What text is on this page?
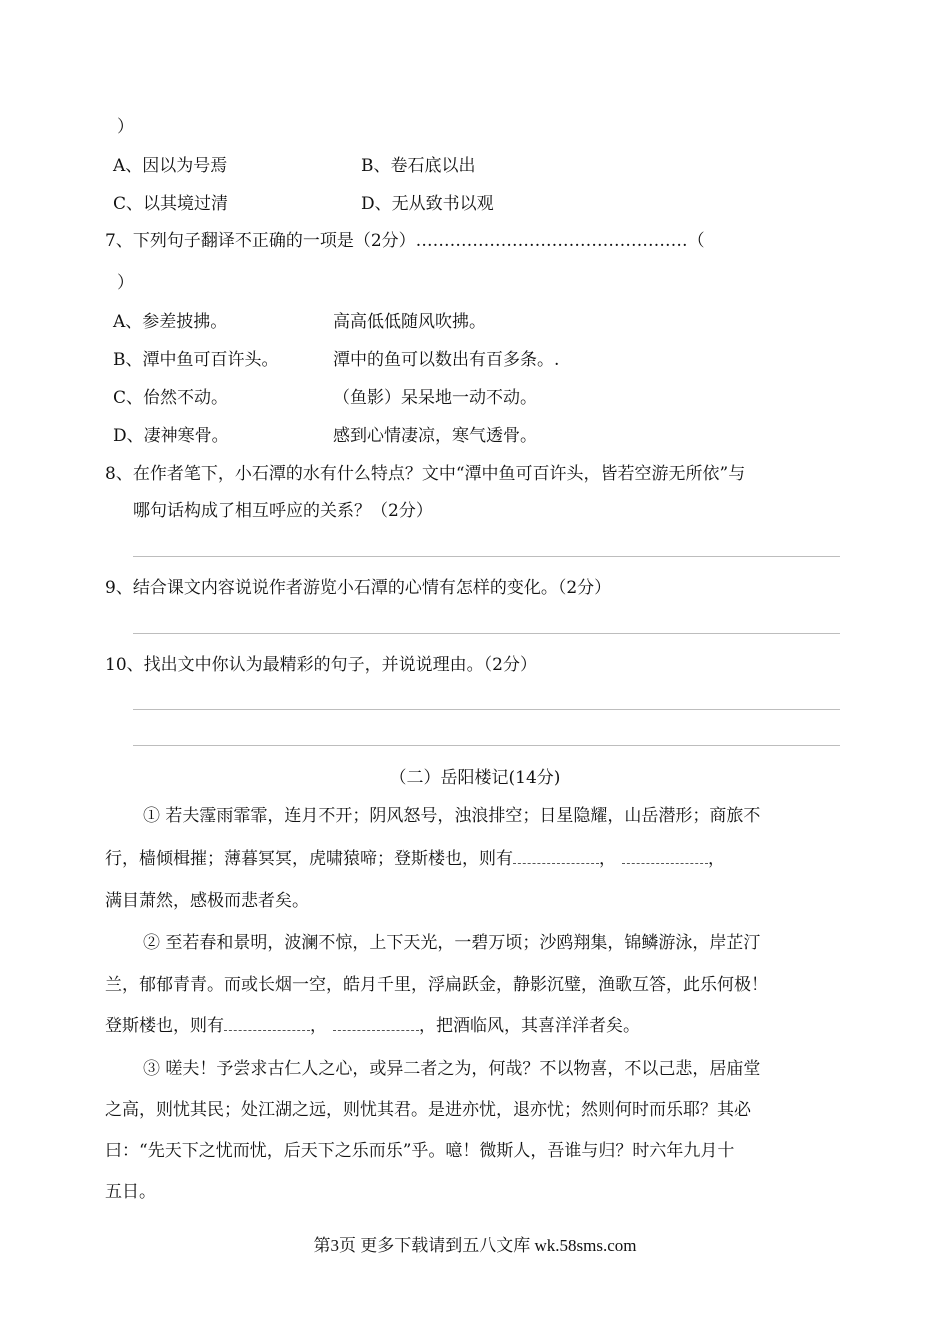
）
A、因以为号焉	B、卷石底以出
C、以其境过清	D、无从致书以观
7、下列句子翻译不正确的一项是（2分）…………………………………………（
）
A、参差披拂。	高高低低随风吹拂。
B、潭中鱼可百许头。	潭中的鱼可以数出有百多条。.
C、佁然不动。	（鱼影）呆呆地一动不动。
D、凄神寒骨。	感到心情凄凉，寒气透骨。
8、在作者笔下，小石潭的水有什么特点？文中“潭中鱼可百许头，皆若空游无所依”与
哪句话构成了相互呼应的关系？（2分）
9、结合课文内容说说作者游览小石潭的心情有怎样的变化。（2分）
10、找出文中你认为最精彩的句子，并说说理由。（2分）
（二）岳阳楼记(14分)
① 若夫霪雨霏霏，连月不开；阴风怒号，浊浪排空；日星隐耀，山岳潜形；商旅不
行，樯倾楫摧；薄暮冥冥，虎啸猿啼；登斯楼也，则有	，	，
满目萧然，感极而悲者矣。
② 至若春和景明，波澜不惊，上下天光，一碧万顷；沙鸥翔集，锦鳞游泳，岸芷汀
兰，郁郁青青。而或长烟一空，皓月千里，浮扁跃金，静影沉璧，渔歌互答，此乐何极！
登斯楼也，则有	，	，把酒临风，其喜洋洋者矣。
③ 嗟夫！予尝求古仁人之心，或异二者之为，何哉？不以物喜，不以己悲，居庙堂
之高，则忧其民；处江湖之远，则忧其君。是进亦忧，退亦忧；然则何时而乐耶？其必
曰：“先天下之忧而忧，后天下之乐而乐”乎。噫！微斯人，吾谁与归？时六年九月十
五日。
第3页 更多下载请到五八文库 wk.58sms.com
